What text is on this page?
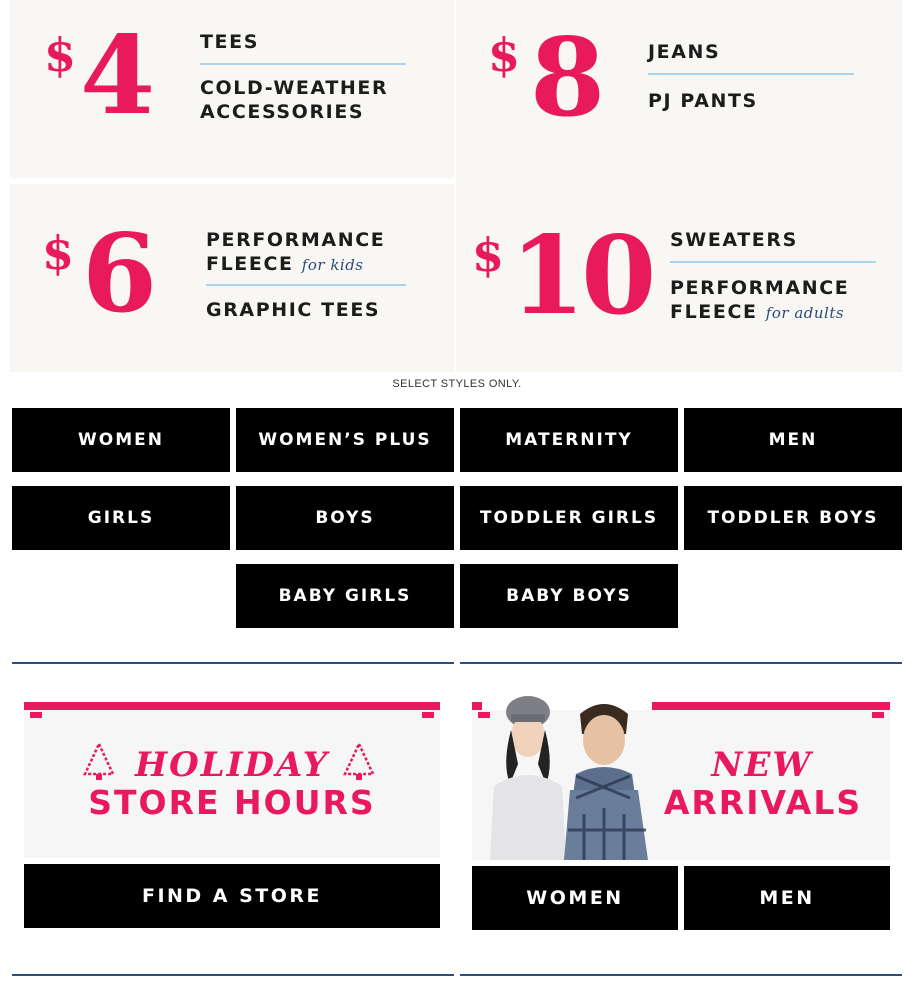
$ 4	TEES
COLD-WEATHER ACCESSORIES
$ 8 JEANS
PJ PANTS
$ 6	PERFORMANCE FLEECE for kids
GRAPHIC TEES
$ 10 SWEATERS
PERFORMANCE FLEECE for adults
SELECT STYLES ONLY.
WOMEN	WOMEN’S PLUS	MATERNITY	MEN
GIRLS	BOYS	TODDLER GIRLS	TODDLER BOYS
BABY GIRLS	BABY BOYS
HOLIDAY
STORE HOURS
FIND A STORE
NEW
ARRIVALS
WOMEN	MEN
